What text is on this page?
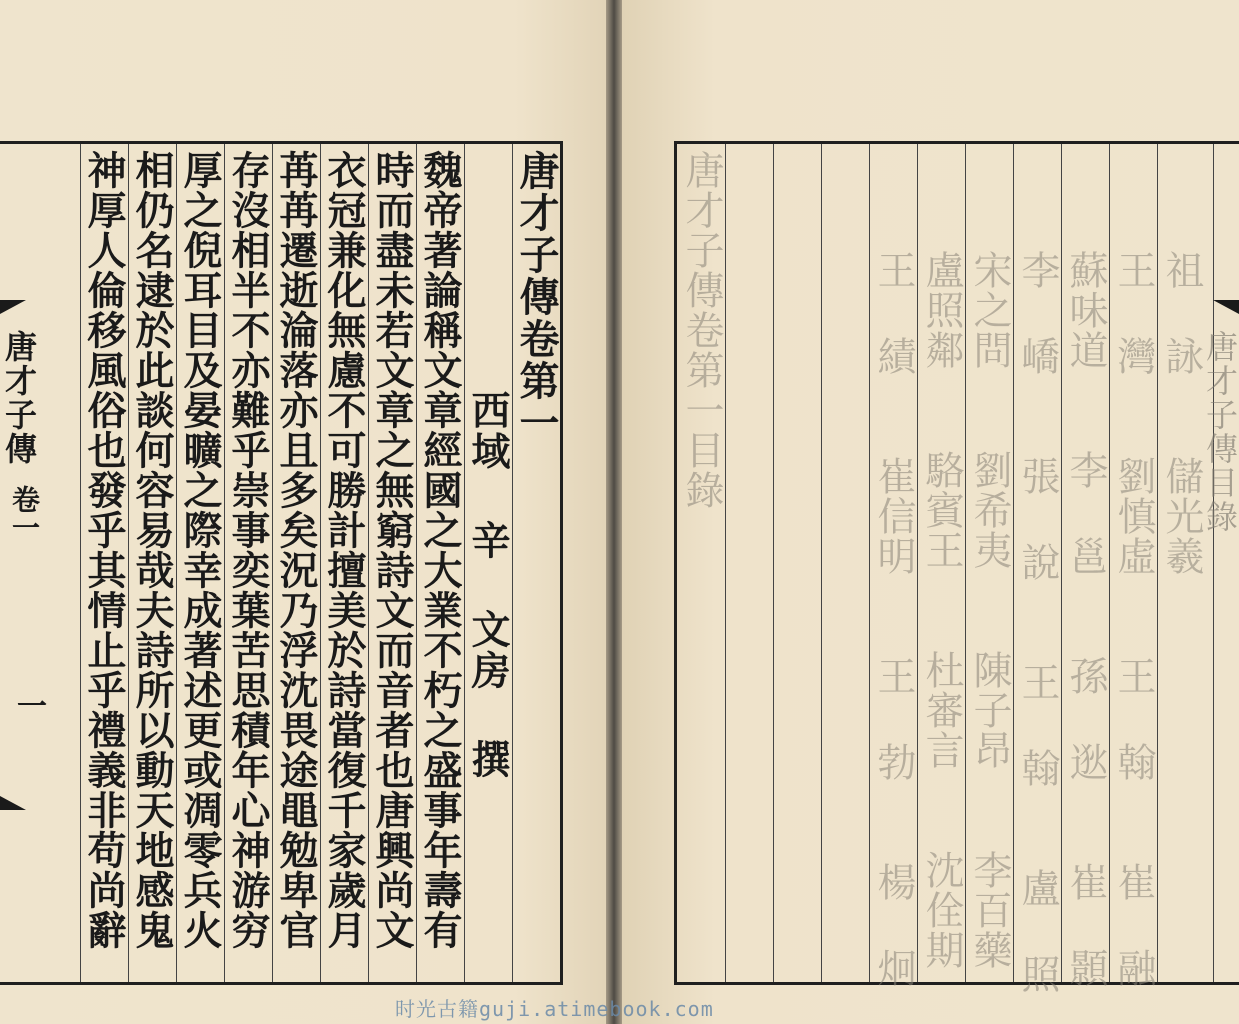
唐才子傳卷第一
西域 辛 文房 撰
魏帝著論稱文章經國之大業不朽之盛事年壽有
時而盡未若文章之無窮詩文而音者也唐興尚文
衣冠兼化無慮不可勝計擅美於詩當復千家歲月
苒苒遷逝淪落亦且多矣況乃浮沈畏途黽勉卑官
存沒相半不亦難乎崇事奕葉苦思積年心神游穷
厚之倪耳目及晏曠之際幸成著述更或凋零兵火
相仍名逮於此談何容易哉夫詩所以動天地感鬼
神厚人倫移風俗也發乎其情止乎禮義非苟尚辭
唐才子傳
卷一
一
祖 詠　　儲光羲
王 灣　　劉慎虛　　王 翰　　崔 融
蘇味道　　李 邕　　孫 逖　　崔 顥
李 嶠　　張 說　　王 翰　　盧 照
宋之問　　劉希夷　　陳子昂　　李百藥
盧照鄰　　駱賓王　　杜審言　　沈佺期
王 績　　崔信明　　王 勃　　楊 炯
唐才子傳卷第一目錄	唐才子傳目錄
时光古籍guji.atimebook.com
